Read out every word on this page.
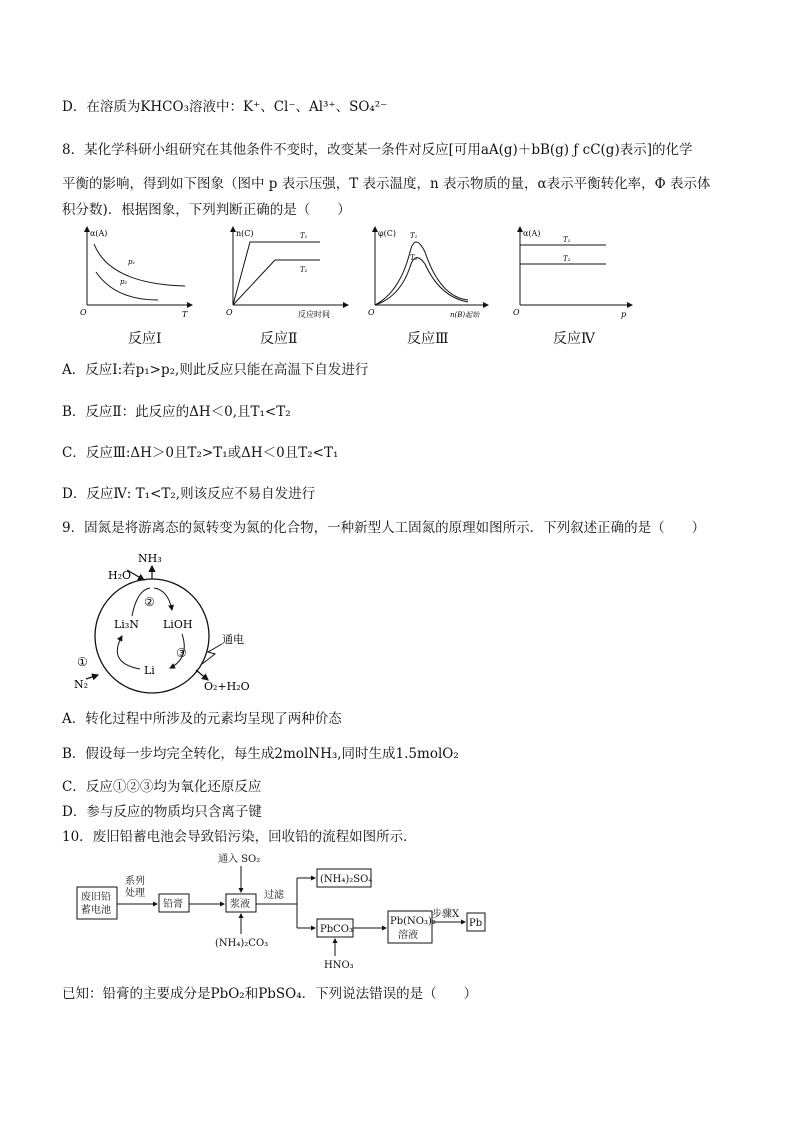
D．在溶质为KHCO₃溶液中：K⁺、Cl⁻、Al³⁺、SO₄²⁻
8．某化学科研小组研究在其他条件不变时，改变某一条件对反应[可用aA(g)＋bB(g) ƒ cC(g)表示]的化学
平衡的影响，得到如下图象（图中 p 表示压强，T 表示温度，n 表示物质的量，α表示平衡转化率，Φ 表示体
积分数)．根据图象，下列判断正确的是（　　）
α(A)
T
O
p₁
p₂
n(C)
反应时间
O
T₁
T₂
φ(C)
n(B)起始
O
T₁
T₂
α(A)
p
O
T₁
T₂
反应Ⅰ	反应Ⅱ	反应Ⅲ	反应Ⅳ
A．反应Ⅰ:若p₁>p₂,则此反应只能在高温下自发进行
B．反应Ⅱ：此反应的ΔH＜0,且T₁<T₂
C．反应Ⅲ:ΔH＞0且T₂>T₁或ΔH＜0且T₂<T₁
D．反应Ⅳ: T₁<T₂,则该反应不易自发进行
9．固氮是将游离态的氮转变为氮的化合物，一种新型人工固氮的原理如图所示．下列叙述正确的是（　　）
NH₃
H₂O
②
Li₃N LiOH
③
Li
①
N₂
通电
O₂+H₂O
A．转化过程中所涉及的元素均呈现了两种价态
B．假设每一步均完全转化，每生成2molNH₃,同时生成1.5molO₂
C．反应①②③均为氧化还原反应
D．参与反应的物质均只含离子键
10．废旧铅蓄电池会导致铅污染，回收铅的流程如图所示．
废旧铅
蓄电池
系列
处理
铅膏	浆液
通入 SO₂
(NH₄)₂CO₃
过滤
(NH₄)₂SO₄
PbCO₃
HNO₃
Pb(NO₃)₂
溶液
步骤X
Pb
已知：铅膏的主要成分是PbO₂和PbSO₄．下列说法错误的是（　　）
